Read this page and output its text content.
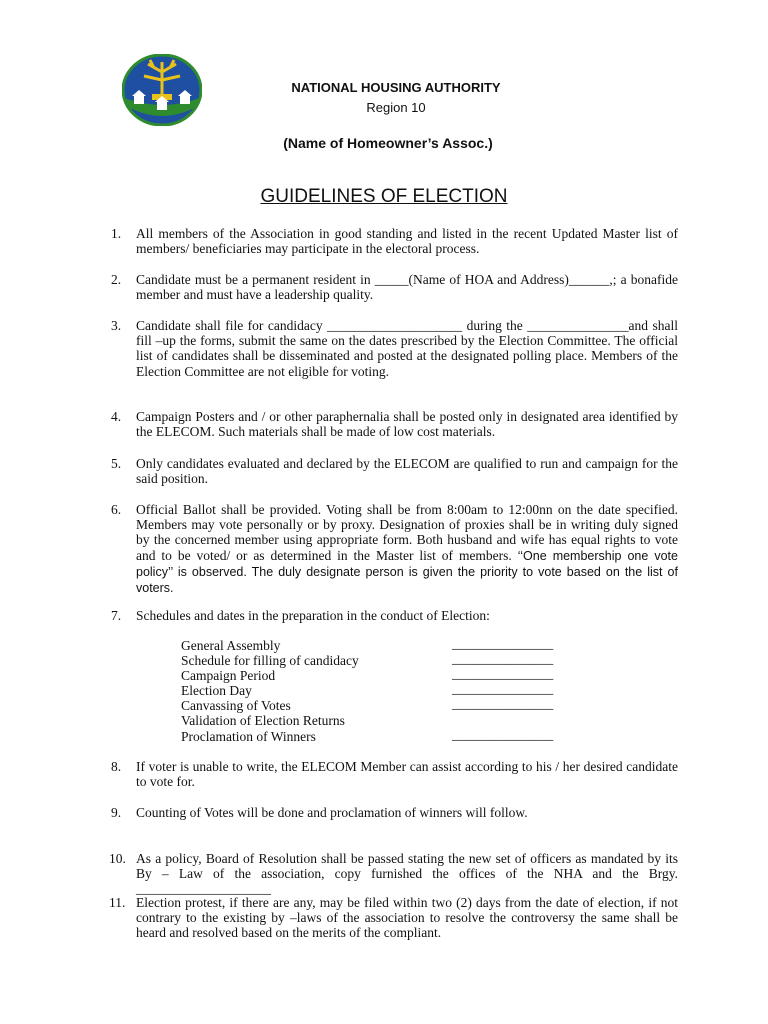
NATIONAL HOUSING AUTHORITY
Region 10
(Name of Homeowner’s Assoc.)
GUIDELINES OF ELECTION
1. All members of the Association in good standing and listed in the recent Updated Master list of members/ beneficiaries may participate in the electoral process.
2. Candidate must be a permanent resident in _____(Name of HOA and Address)______,; a bonafide member and must have a leadership quality.
3. Candidate shall file for candidacy ____________________ during the _______________and shall fill –up the forms, submit the same on the dates prescribed by the Election Committee. The official list of candidates shall be disseminated and posted at the designated polling place. Members of the Election Committee are not eligible for voting.
4. Campaign Posters and / or other paraphernalia shall be posted only in designated area identified by the ELECOM. Such materials shall be made of low cost materials.
5. Only candidates evaluated and declared by the ELECOM are qualified to run and campaign for the said position.
6. Official Ballot shall be provided. Voting shall be from 8:00am to 12:00nn on the date specified. Members may vote personally or by proxy. Designation of proxies shall be in writing duly signed by the concerned member using appropriate form. Both husband and wife has equal rights to vote and to be voted/ or as determined in the Master list of members. ‘‘One membership one vote policy’’ is observed. The duly designate person is given the priority to vote based on the list of voters.
7. Schedules and dates in the preparation in the conduct of Election:
General Assembly	_______________
Schedule for filling of candidacy	_______________
Campaign Period	_______________
Election Day	_______________
Canvassing of Votes	_______________
Validation of Election Returns
Proclamation of Winners	_______________
8. If voter is unable to write, the ELECOM Member can assist according to his / her desired candidate to vote for.
9. Counting of Votes will be done and proclamation of winners will follow.
10. As a policy, Board of Resolution shall be passed stating the new set of officers as mandated by its By – Law of the association, copy furnished the offices of the NHA and the Brgy. ____________________
11. Election protest, if there are any, may be filed within two (2) days from the date of election, if not contrary to the existing by –laws of the association to resolve the controversy the same shall be heard and resolved based on the merits of the compliant.
